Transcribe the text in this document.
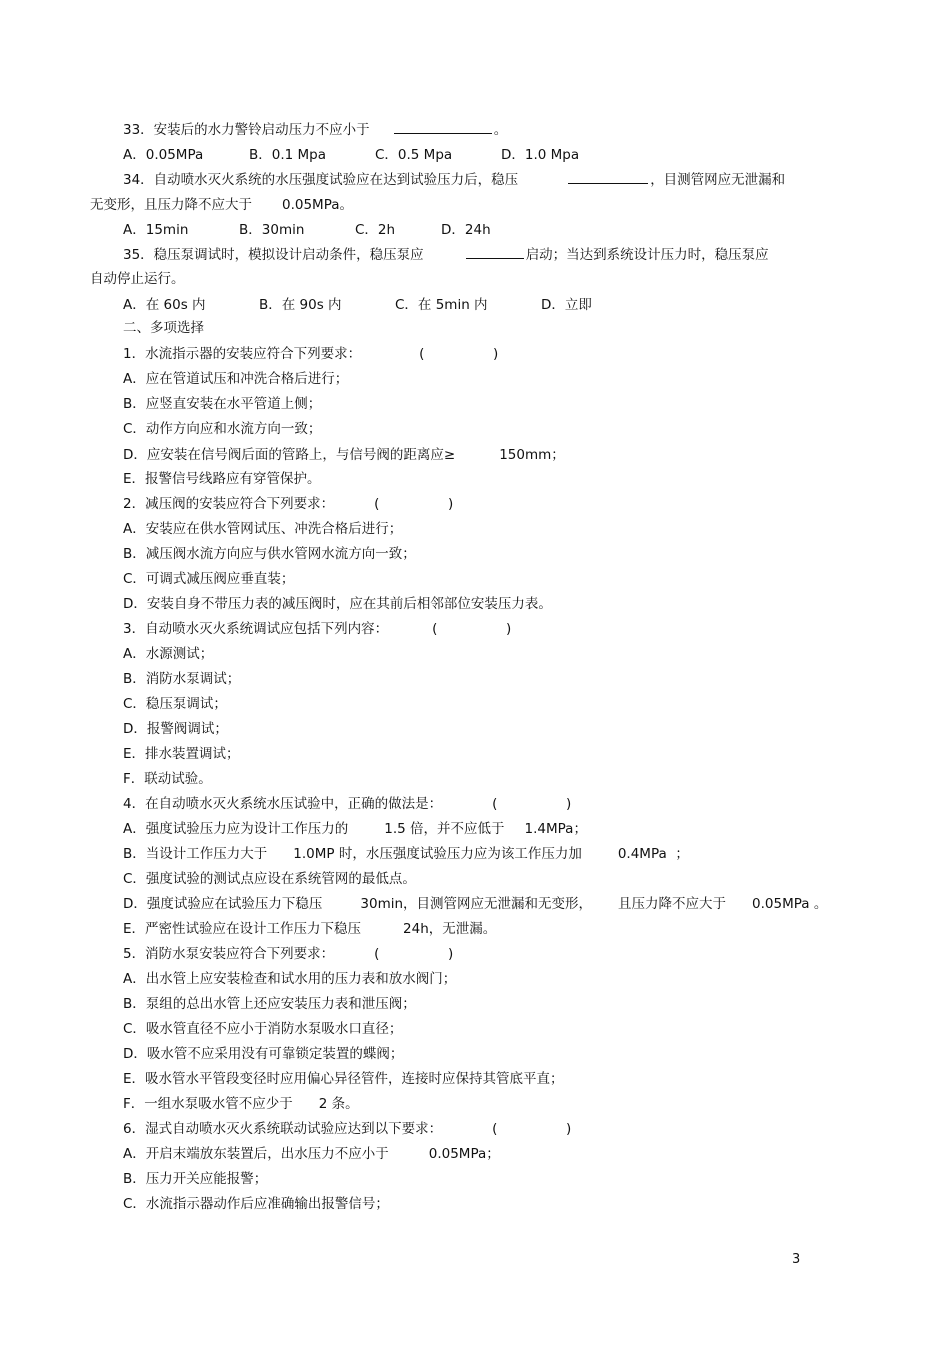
33．安装后的水力警铃启动压力不应小于	。
A．0.05MPa	B．0.1 Mpa	C．0.5 Mpa	D．1.0 Mpa
34．自动喷水灭火系统的水压强度试验应在达到试验压力后，稳压	，目测管网应无泄漏和
无变形，且压力降不应大于 0.05MPa。
A．15min	B．30min	C．2h	D．24h
35．稳压泵调试时，模拟设计启动条件，稳压泵应	启动；当达到系统设计压力时，稳压泵应
自动停止运行。
A．在 60s 内	B．在 90s 内	C．在 5min 内	D．立即
二、多项选择
1．水流指示器的安装应符合下列要求：	(                )
A．应在管道试压和冲洗合格后进行；
B．应竖直安装在水平管道上侧；
C．动作方向应和水流方向一致；
D．应安装在信号阀后面的管路上，与信号阀的距离应≥	150mm；
E．报警信号线路应有穿管保护。
2．减压阀的安装应符合下列要求：	(                )
A．安装应在供水管网试压、冲洗合格后进行；
B．减压阀水流方向应与供水管网水流方向一致；
C．可调式减压阀应垂直装；
D．安装自身不带压力表的减压阀时，应在其前后相邻部位安装压力表。
3．自动喷水灭火系统调试应包括下列内容：	(                )
A．水源测试；
B．消防水泵调试；
C．稳压泵调试；
D．报警阀调试；
E．排水装置调试；
F．联动试验。
4．在自动喷水灭火系统水压试验中，正确的做法是：	(                )
A．强度试验压力应为设计工作压力的	1.5 倍，并不应低于 1.4MPa；
B．当设计工作压力大于 1.0MP 时，水压强度试验压力应为该工作压力加	0.4MPa  ；
C．强度试验的测试点应设在系统管网的最低点。
D．强度试验应在试验压力下稳压	30min，目测管网应无泄漏和无变形， 且压力降不应大于 0.05MPa 。
E．严密性试验应在设计工作压力下稳压	24h，无泄漏。
5．消防水泵安装应符合下列要求：	(                )
A．出水管上应安装检查和试水用的压力表和放水阀门；
B．泵组的总出水管上还应安装压力表和泄压阀；
C．吸水管直径不应小于消防水泵吸水口直径；
D．吸水管不应采用没有可靠锁定装置的蝶阀；
E．吸水管水平管段变径时应用偏心异径管件，连接时应保持其管底平直；
F．一组水泵吸水管不应少于 2 条。
6．湿式自动喷水灭火系统联动试验应达到以下要求：	(                )
A．开启末端放东装置后，出水压力不应小于	0.05MPa；
B．压力开关应能报警；
C．水流指示器动作后应准确输出报警信号；
3
